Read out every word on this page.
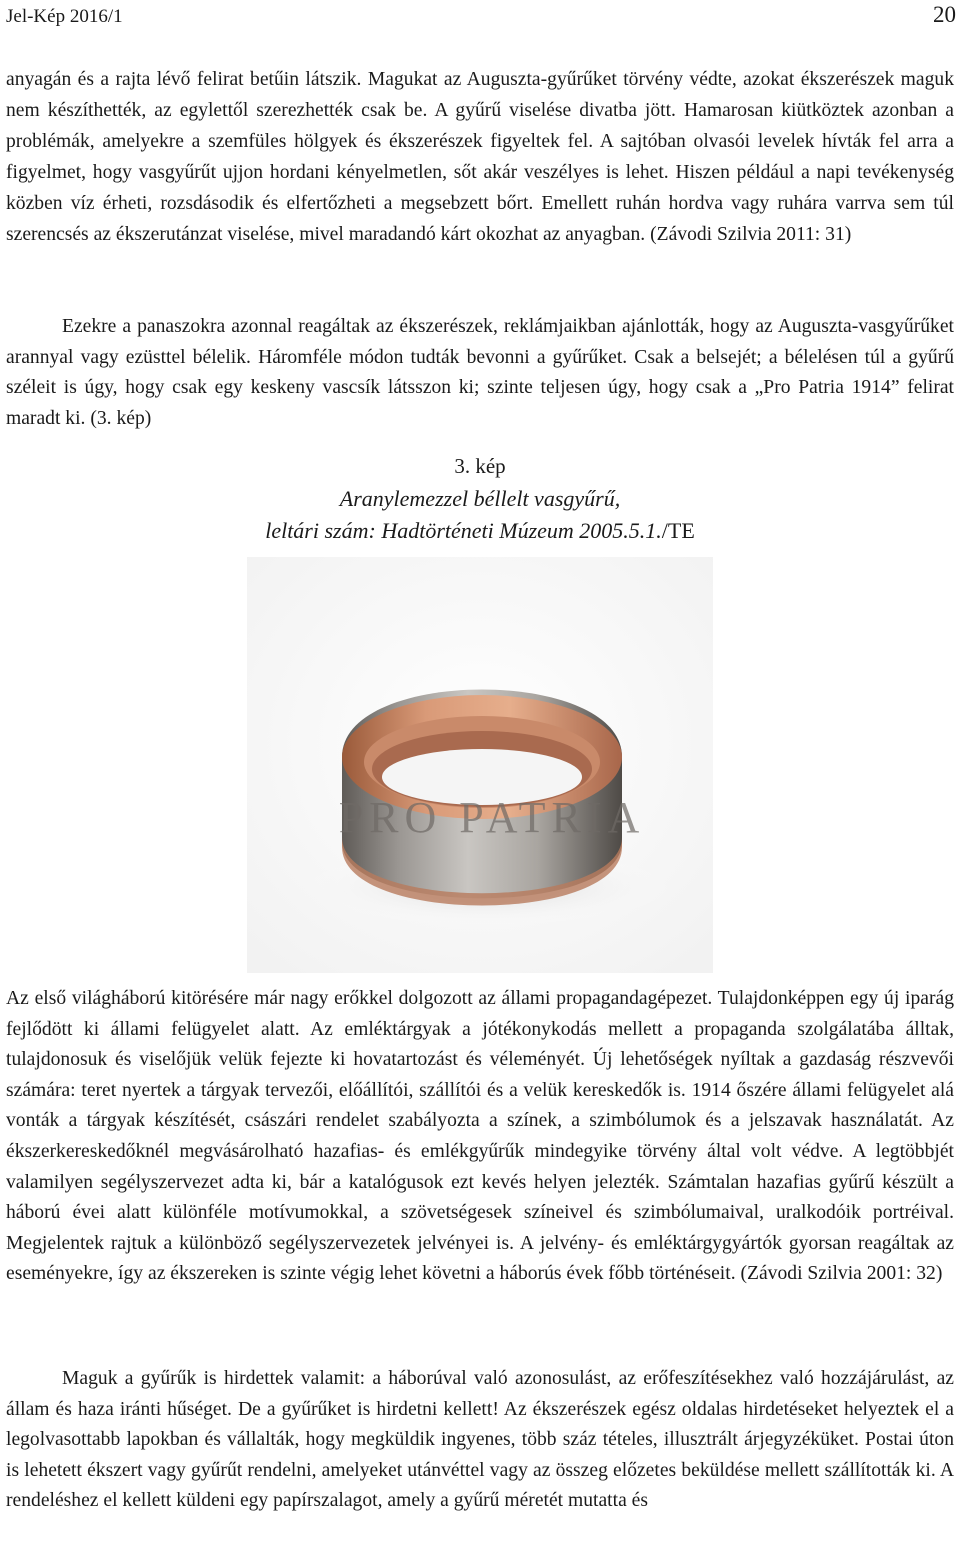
Jel-Kép 2016/1	20

anyagán és a rajta lévő felirat betűin látszik. Magukat az Auguszta-gyűrűket törvény védte, azokat ékszerészek maguk nem készíthették, az egylettől szerezhették csak be. A gyűrű viselése divatba jött. Hamarosan kiütköztek azonban a problémák, amelyekre a szemfüles hölgyek és ékszerészek figyeltek fel. A sajtóban olvasói levelek hívták fel arra a figyelmet, hogy vasgyűrűt ujjon hordani kényelmetlen, sőt akár veszélyes is lehet. Hiszen például a napi tevékenység közben víz érheti, rozsdásodik és elfertőzheti a megsebzett bőrt. Emellett ruhán hordva vagy ruhára varrva sem túl szerencsés az ékszerutánzat viselése, mivel maradandó kárt okozhat az anyagban. (Závodi Szilvia 2011: 31)

Ezekre a panaszokra azonnal reagáltak az ékszerészek, reklámjaikban ajánlották, hogy az Auguszta-vasgyűrűket arannyal vagy ezüsttel bélelik. Háromféle módon tudták bevonni a gyűrűket. Csak a belsejét; a bélelésen túl a gyűrű széleit is úgy, hogy csak egy keskeny vascsík látsszon ki; szinte teljesen úgy, hogy csak a „Pro Patria 1914” felirat maradt ki. (3. kép)

3. kép
Aranylemezzel béllelt vasgyűrű,
leltári szám: Hadtörténeti Múzeum 2005.5.1./TE
PRO PATRIA

Az első világháború kitörésére már nagy erőkkel dolgozott az állami propagandagépezet. Tulajdonképpen egy új iparág fejlődött ki állami felügyelet alatt. Az emléktárgyak a jótékonykodás mellett a propaganda szolgálatába álltak, tulajdonosuk és viselőjük velük fejezte ki hovatartozást és véleményét. Új lehetőségek nyíltak a gazdaság részvevői számára: teret nyertek a tárgyak tervezői, előállítói, szállítói és a velük kereskedők is. 1914 őszére állami felügyelet alá vonták a tárgyak készítését, császári rendelet szabályozta a színek, a szimbólumok és a jelszavak használatát. Az ékszerkereskedőknél megvásárolható hazafias- és emlékgyűrűk mindegyike törvény által volt védve. A legtöbbjét valamilyen segélyszervezet adta ki, bár a katalógusok ezt kevés helyen jelezték. Számtalan hazafias gyűrű készült a háború évei alatt különféle motívumokkal, a szövetségesek színeivel és szimbólumaival, uralkodóik portréival. Megjelentek rajtuk a különböző segélyszervezetek jelvényei is. A jelvény- és emléktárgygyártók gyorsan reagáltak az eseményekre, így az ékszereken is szinte végig lehet követni a háborús évek főbb történéseit. (Závodi Szilvia 2001: 32)

Maguk a gyűrűk is hirdettek valamit: a háborúval való azonosulást, az erőfeszítésekhez való hozzájárulást, az állam és haza iránti hűséget. De a gyűrűket is hirdetni kellett! Az ékszerészek egész oldalas hirdetéseket helyeztek el a legolvasottabb lapokban és vállalták, hogy megküldik ingyenes, több száz tételes, illusztrált árjegyzéküket. Postai úton is lehetett ékszert vagy gyűrűt rendelni, amelyeket utánvéttel vagy az összeg előzetes beküldése mellett szállították ki. A rendeléshez el kellett küldeni egy papírszalagot, amely a gyűrű méretét mutatta és
